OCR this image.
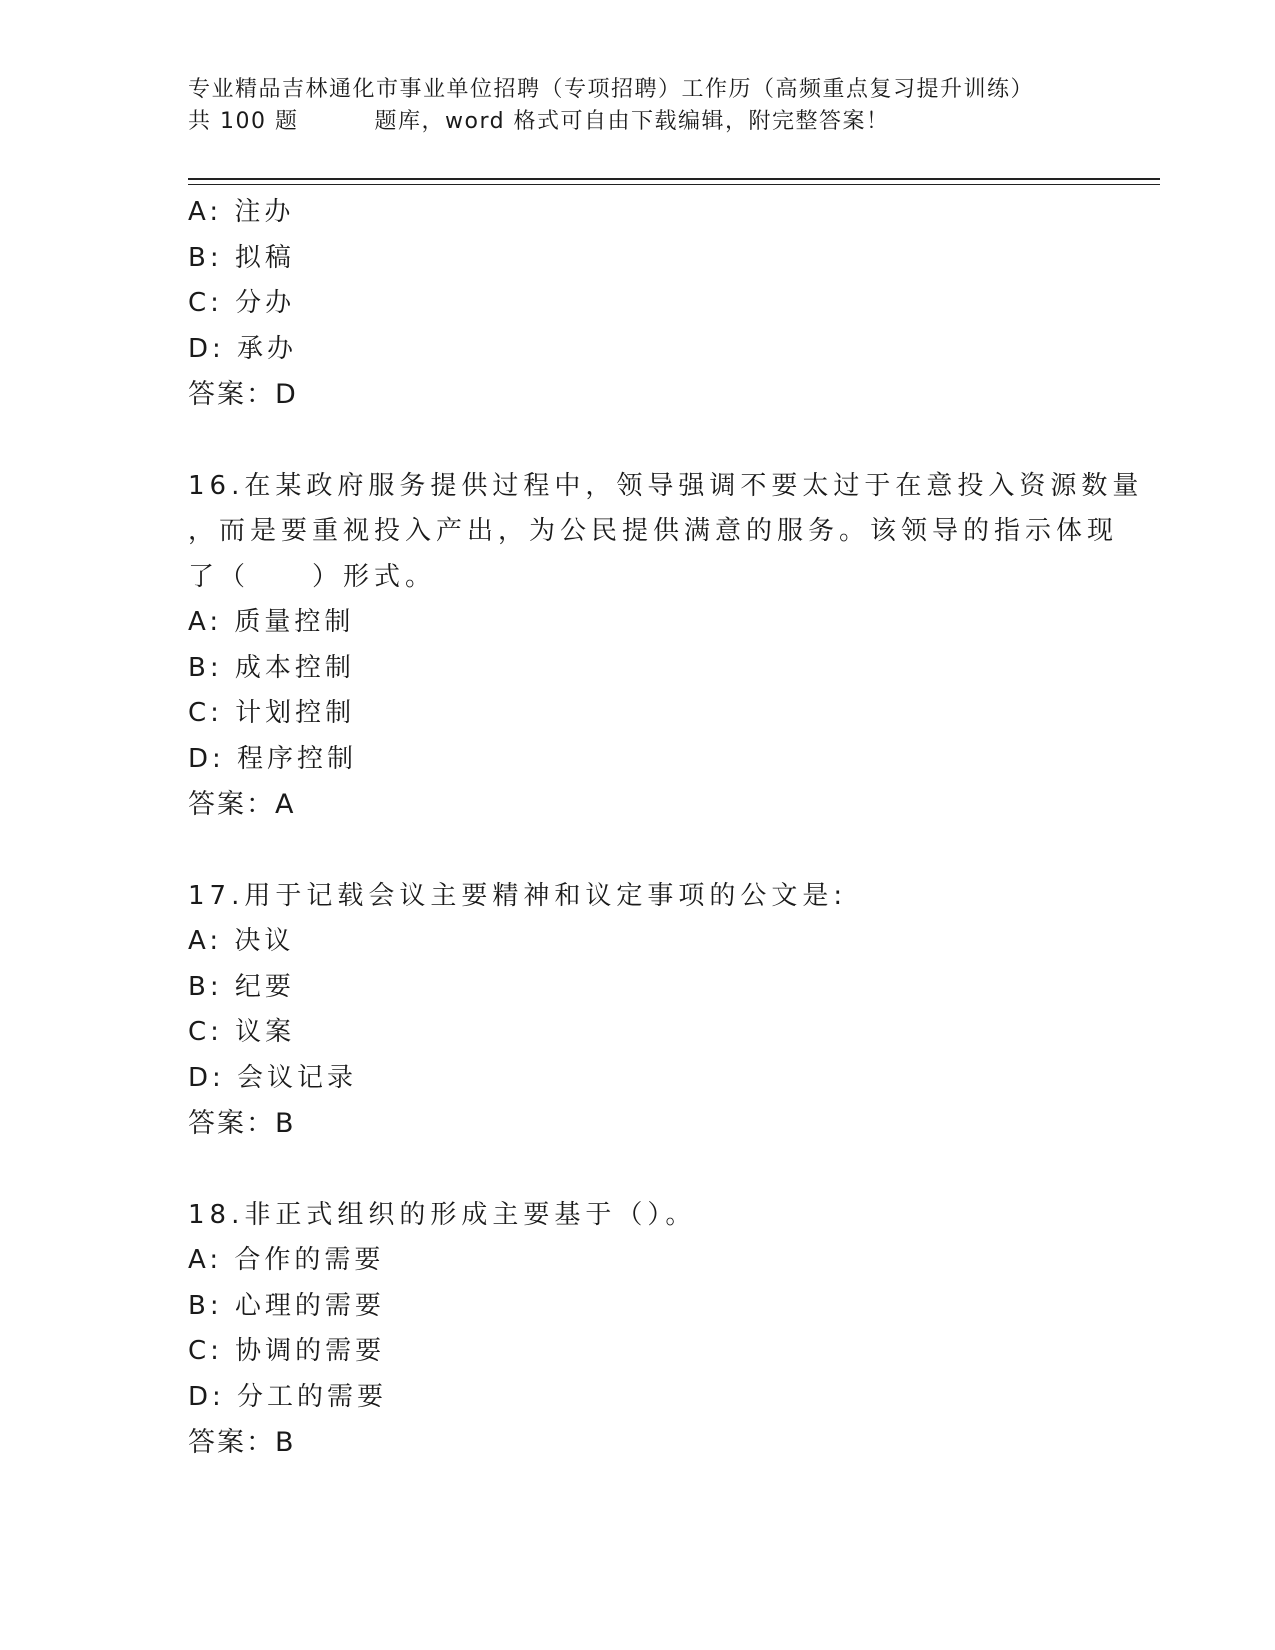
专业精品吉林通化市事业单位招聘（专项招聘）工作历（高频重点复习提升训练）
共 100 题	题库，word 格式可自由下载编辑，附完整答案！
A: 注办
B: 拟稿
C: 分办
D: 承办
答案：D
16.在某政府服务提供过程中，领导强调不要太过于在意投入资源数量
，而是要重视投入产出，为公民提供满意的服务。该领导的指示体现
了（　　）形式。
A: 质量控制
B: 成本控制
C: 计划控制
D: 程序控制
答案：A
17.用于记载会议主要精神和议定事项的公文是:
A: 决议
B: 纪要
C: 议案
D: 会议记录
答案：B
18.非正式组织的形成主要基于（）。
A: 合作的需要
B: 心理的需要
C: 协调的需要
D: 分工的需要
答案：B
